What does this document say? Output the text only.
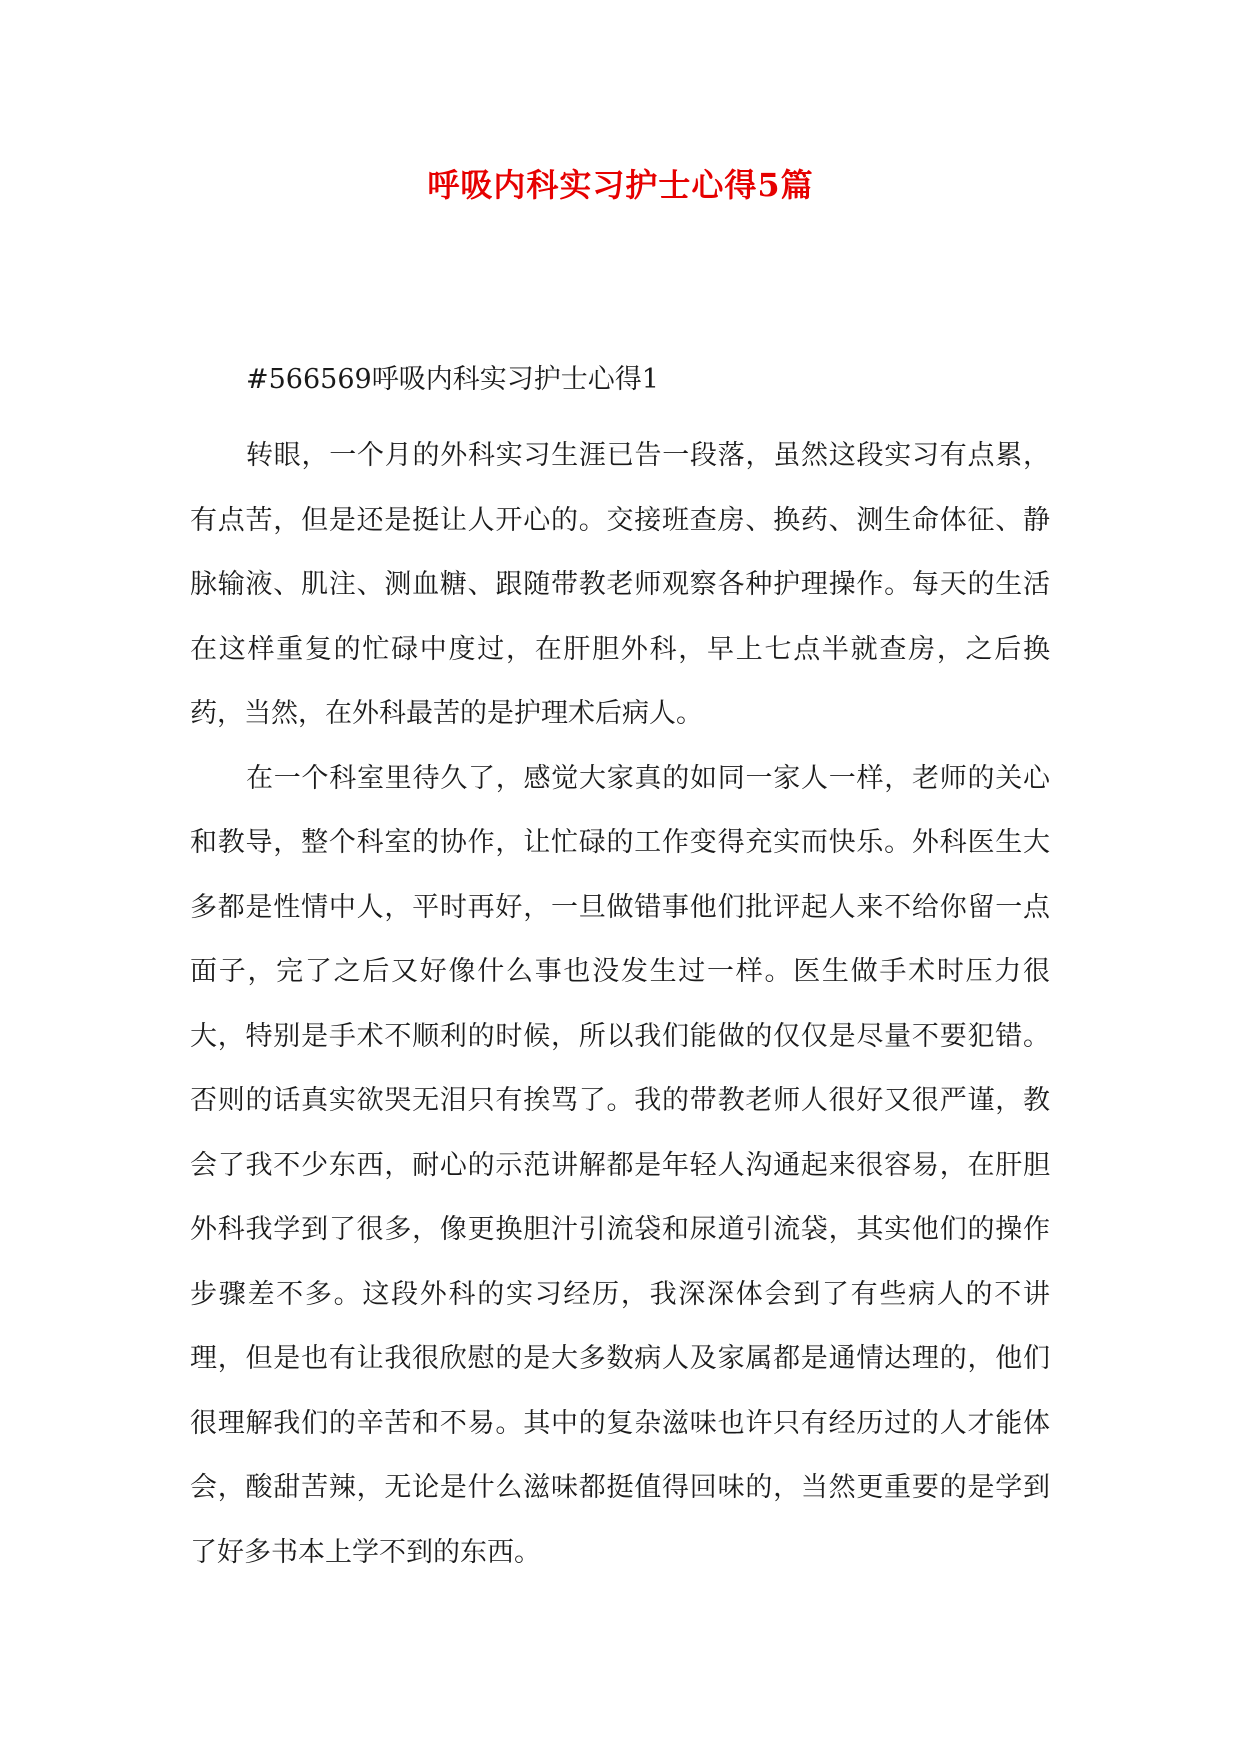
呼吸内科实习护士心得5篇

#566569呼吸内科实习护士心得1

转眼，一个月的外科实习生涯已告一段落，虽然这段实习有点累，有点苦，但是还是挺让人开心的。交接班查房、换药、测生命体征、静脉输液、肌注、测血糖、跟随带教老师观察各种护理操作。每天的生活在这样重复的忙碌中度过，在肝胆外科，早上七点半就查房，之后换药，当然，在外科最苦的是护理术后病人。

在一个科室里待久了，感觉大家真的如同一家人一样，老师的关心和教导，整个科室的协作，让忙碌的工作变得充实而快乐。外科医生大多都是性情中人，平时再好，一旦做错事他们批评起人来不给你留一点面子，完了之后又好像什么事也没发生过一样。医生做手术时压力很大，特别是手术不顺利的时候，所以我们能做的仅仅是尽量不要犯错。否则的话真实欲哭无泪只有挨骂了。我的带教老师人很好又很严谨，教会了我不少东西，耐心的示范讲解都是年轻人沟通起来很容易，在肝胆外科我学到了很多，像更换胆汁引流袋和尿道引流袋，其实他们的操作步骤差不多。这段外科的实习经历，我深深体会到了有些病人的不讲理，但是也有让我很欣慰的是大多数病人及家属都是通情达理的，他们很理解我们的辛苦和不易。其中的复杂滋味也许只有经历过的人才能体会，酸甜苦辣，无论是什么滋味都挺值得回味的，当然更重要的是学到了好多书本上学不到的东西。
